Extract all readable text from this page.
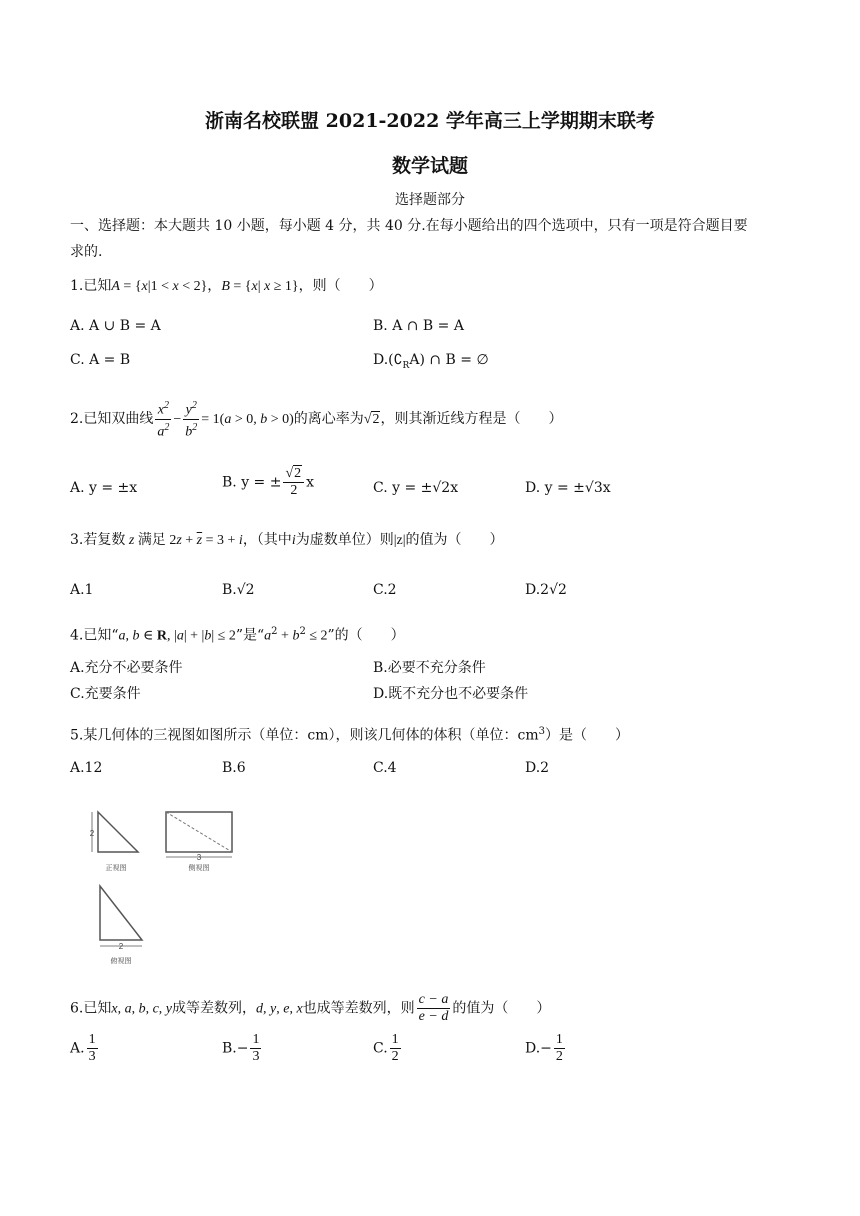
浙南名校联盟 2021-2022 学年高三上学期期末联考
数学试题
选择题部分
一、选择题：本大题共 10 小题，每小题 4 分，共 40 分.在每小题给出的四个选项中，只有一项是符合题目要
求的.
1.已知A = {x|1 < x < 2}，B = {x| x ≥ 1}，则（　　）
A. A ∪ B = A	B. A ∩ B = A
C. A = B	$D.(∁_RA)$ ∩ B = ∅
2.已知双曲线 $\frac{x^2}{a^2} - \frac{y^2}{b^2} = 1(a > 0$, b > 0)的离心率为√2，则其渐近线方程是（　　）
A. y = ±x	B. y = ± $\frac{√2}{2}$ x	C. y = ±√2x	D. y = ±√3x
3.若复数 z 满足 $2z + \overline{z} = 3 + i$，（其中i为虚数单位）则|z|的值为（　　）
A.1	B.√2	C.2	D.2√2
4.已知“a, b ∈ R, |a| + |b| ≤ 2”是“$a^2 + b^2 \le 2$”的（　　）
A.充分不必要条件	B.必要不充分条件
C.充要条件	D.既不充分也不必要条件
5.某几何体的三视图如图所示（单位：cm），则该几何体的体积（单位：$cm^3$）是（　　）
A.12	B.6	C.4	D.2
2
正视图
3
侧视图
2
俯视图
6.已知x, a, b, c, y成等差数列，d, y, e, x也成等差数列，则 $\frac{c - a}{e - d}$ 的值为（　　）
A. $\frac{1}{3}$	$B.- \frac{1}{3}$	C. $\frac{1}{2}$	$D.- \frac{1}{2}$
